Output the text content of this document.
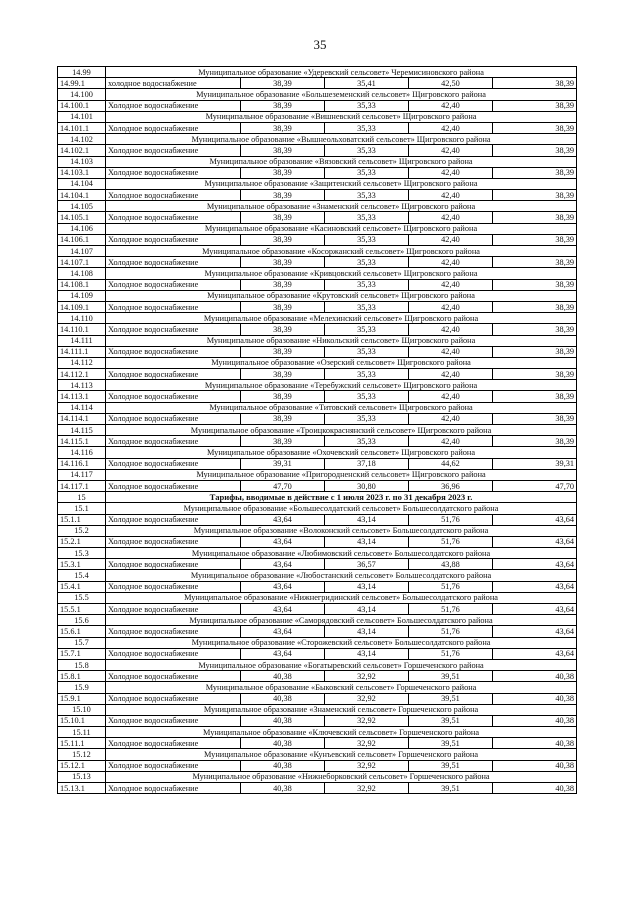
35
14.99	Муниципальное образование «Удеревский сельсовет» Черемисиновского района				
14.99.1	холодное водоснабжение	38,39	35,41	42,50	38,39
14.100	Муниципальное образование «Большеземенский сельсовет» Щигровского района				
14.100.1	Холодное водоснабжение	38,39	35,33	42,40	38,39
14.101	Муниципальное образование «Вишневский сельсовет» Щигровского района				
14.101.1	Холодное водоснабжение	38,39	35,33	42,40	38,39
14.102	Муниципальное образование «Вышнеольховатский сельсовет» Щигровского района				
14.102.1	Холодное водоснабжение	38,39	35,33	42,40	38,39
14.103	Муниципальное образование «Вязовский сельсовет» Щигровского района				
14.103.1	Холодное водоснабжение	38,39	35,33	42,40	38,39
14.104	Муниципальное образование «Защитенский сельсовет» Щигровского района				
14.104.1	Холодное водоснабжение	38,39	35,33	42,40	38,39
14.105	Муниципальное образование «Знаменский сельсовет» Щигровского района				
14.105.1	Холодное водоснабжение	38,39	35,33	42,40	38,39
14.106	Муниципальное образование «Касиновский сельсовет» Щигровского района				
14.106.1	Холодное водоснабжение	38,39	35,33	42,40	38,39
14.107	Муниципальное образование «Косоржанский сельсовет» Щигровского района				
14.107.1	Холодное водоснабжение	38,39	35,33	42,40	38,39
14.108	Муниципальное образование «Кривцовский сельсовет» Щигровского района				
14.108.1	Холодное водоснабжение	38,39	35,33	42,40	38,39
14.109	Муниципальное образование «Крутовский сельсовет» Щигровского района				
14.109.1	Холодное водоснабжение	38,39	35,33	42,40	38,39
14.110	Муниципальное образование «Мелехинский сельсовет» Щигровского района				
14.110.1	Холодное водоснабжение	38,39	35,33	42,40	38,39
14.111	Муниципальное образование «Никольский сельсовет» Щигровского района				
14.111.1	Холодное водоснабжение	38,39	35,33	42,40	38,39
14.112	Муниципальное образование «Озерский сельсовет» Щигровского района				
14.112.1	Холодное водоснабжение	38,39	35,33	42,40	38,39
14.113	Муниципальное образование «Теребужский сельсовет» Щигровского района				
14.113.1	Холодное водоснабжение	38,39	35,33	42,40	38,39
14.114	Муниципальное образование «Титовский сельсовет» Щигровского района				
14.114.1	Холодное водоснабжение	38,39	35,33	42,40	38,39
14.115	Муниципальное образование «Троицкокраснянский сельсовет» Щигровского района				
14.115.1	Холодное водоснабжение	38,39	35,33	42,40	38,39
14.116	Муниципальное образование «Охочевский сельсовет» Щигровского района				
14.116.1	Холодное водоснабжение	39,31	37,18	44,62	39,31
14.117	Муниципальное образование «Пригородненский сельсовет» Щигровского района				
14.117.1	Холодное водоснабжение	47,70	30,80	36,96	47,70
15	Тарифы, вводимые в действие с 1 июля 2023 г. по 31 декабря 2023 г.				
15.1	Муниципальное образование «Большесолдатский сельсовет» Большесолдатского района				
15.1.1	Холодное водоснабжение	43,64	43,14	51,76	43,64
15.2	Муниципальное образование «Волоконский сельсовет» Большесолдатского района				
15.2.1	Холодное водоснабжение	43,64	43,14	51,76	43,64
15.3	Муниципальное образование «Любимовский сельсовет» Большесолдатского района				
15.3.1	Холодное водоснабжение	43,64	36,57	43,88	43,64
15.4	Муниципальное образование «Любостанский сельсовет» Большесолдатского района				
15.4.1	Холодное водоснабжение	43,64	43,14	51,76	43,64
15.5	Муниципальное образование «Нижнегридинский сельсовет» Большесолдатского района				
15.5.1	Холодное водоснабжение	43,64	43,14	51,76	43,64
15.6	Муниципальное образование «Саморядовский сельсовет» Большесолдатского района				
15.6.1	Холодное водоснабжение	43,64	43,14	51,76	43,64
15.7	Муниципальное образование «Сторожевский сельсовет» Большесолдатского района				
15.7.1	Холодное водоснабжение	43,64	43,14	51,76	43,64
15.8	Муниципальное образование «Богатыревский сельсовет» Горшеченского района				
15.8.1	Холодное водоснабжение	40,38	32,92	39,51	40,38
15.9	Муниципальное образование «Быковский сельсовет» Горшеченского района				
15.9.1	Холодное водоснабжение	40,38	32,92	39,51	40,38
15.10	Муниципальное образование «Знаменский сельсовет» Горшеченского района				
15.10.1	Холодное водоснабжение	40,38	32,92	39,51	40,38
15.11	Муниципальное образование «Ключевский сельсовет» Горшеченского района				
15.11.1	Холодное водоснабжение	40,38	32,92	39,51	40,38
15.12	Муниципальное образование «Кунъевский сельсовет» Горшеченского района				
15.12.1	Холодное водоснабжение	40,38	32,92	39,51	40,38
15.13	Муниципальное образование «Нижнеборковский сельсовет» Горшеченского района				
15.13.1	Холодное водоснабжение	40,38	32,92	39,51	40,38
